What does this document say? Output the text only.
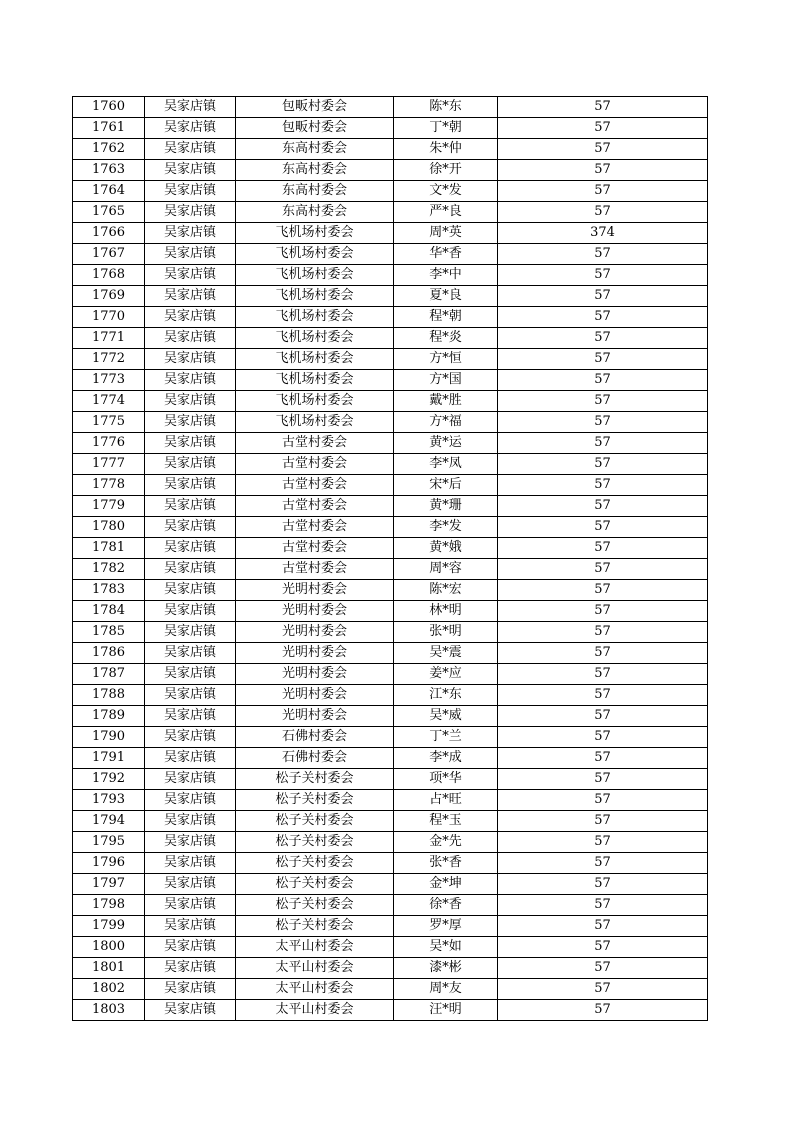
1760	吴家店镇	包畈村委会	陈*东	57
1761	吴家店镇	包畈村委会	丁*朝	57
1762	吴家店镇	东高村委会	朱*仲	57
1763	吴家店镇	东高村委会	徐*开	57
1764	吴家店镇	东高村委会	文*发	57
1765	吴家店镇	东高村委会	严*良	57
1766	吴家店镇	飞机场村委会	周*英	374
1767	吴家店镇	飞机场村委会	华*香	57
1768	吴家店镇	飞机场村委会	李*中	57
1769	吴家店镇	飞机场村委会	夏*良	57
1770	吴家店镇	飞机场村委会	程*朝	57
1771	吴家店镇	飞机场村委会	程*炎	57
1772	吴家店镇	飞机场村委会	方*恒	57
1773	吴家店镇	飞机场村委会	方*国	57
1774	吴家店镇	飞机场村委会	戴*胜	57
1775	吴家店镇	飞机场村委会	方*福	57
1776	吴家店镇	古堂村委会	黄*运	57
1777	吴家店镇	古堂村委会	李*凤	57
1778	吴家店镇	古堂村委会	宋*后	57
1779	吴家店镇	古堂村委会	黄*珊	57
1780	吴家店镇	古堂村委会	李*发	57
1781	吴家店镇	古堂村委会	黄*娥	57
1782	吴家店镇	古堂村委会	周*容	57
1783	吴家店镇	光明村委会	陈*宏	57
1784	吴家店镇	光明村委会	林*明	57
1785	吴家店镇	光明村委会	张*明	57
1786	吴家店镇	光明村委会	吴*震	57
1787	吴家店镇	光明村委会	姜*应	57
1788	吴家店镇	光明村委会	江*东	57
1789	吴家店镇	光明村委会	吴*威	57
1790	吴家店镇	石佛村委会	丁*兰	57
1791	吴家店镇	石佛村委会	李*成	57
1792	吴家店镇	松子关村委会	项*华	57
1793	吴家店镇	松子关村委会	占*旺	57
1794	吴家店镇	松子关村委会	程*玉	57
1795	吴家店镇	松子关村委会	金*先	57
1796	吴家店镇	松子关村委会	张*香	57
1797	吴家店镇	松子关村委会	金*坤	57
1798	吴家店镇	松子关村委会	徐*香	57
1799	吴家店镇	松子关村委会	罗*厚	57
1800	吴家店镇	太平山村委会	吴*如	57
1801	吴家店镇	太平山村委会	漆*彬	57
1802	吴家店镇	太平山村委会	周*友	57
1803	吴家店镇	太平山村委会	汪*明	57
